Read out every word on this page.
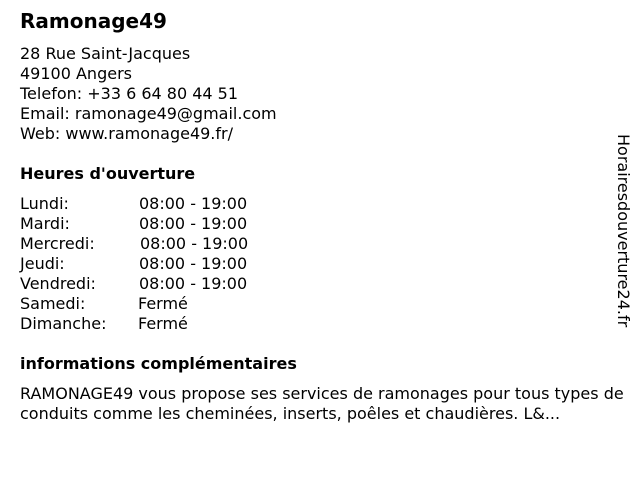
Ramonage49
28 Rue Saint-Jacques
49100 Angers
Telefon: +33 6 64 80 44 51
Email: ramonage49@gmail.com
Web: www.ramonage49.fr/
Heures d'ouverture
Lundi:	08:00 - 19:00
Mardi:	08:00 - 19:00
Mercredi:	08:00 - 19:00
Jeudi:	08:00 - 19:00
Vendredi:	08:00 - 19:00
Samedi:	Fermé
Dimanche: Fermé
informations complémentaires
RAMONAGE49 vous propose ses services de ramonages pour tous types de conduits comme les cheminées, inserts, poêles et chaudières. L&...
Horairesdouverture24.fr
